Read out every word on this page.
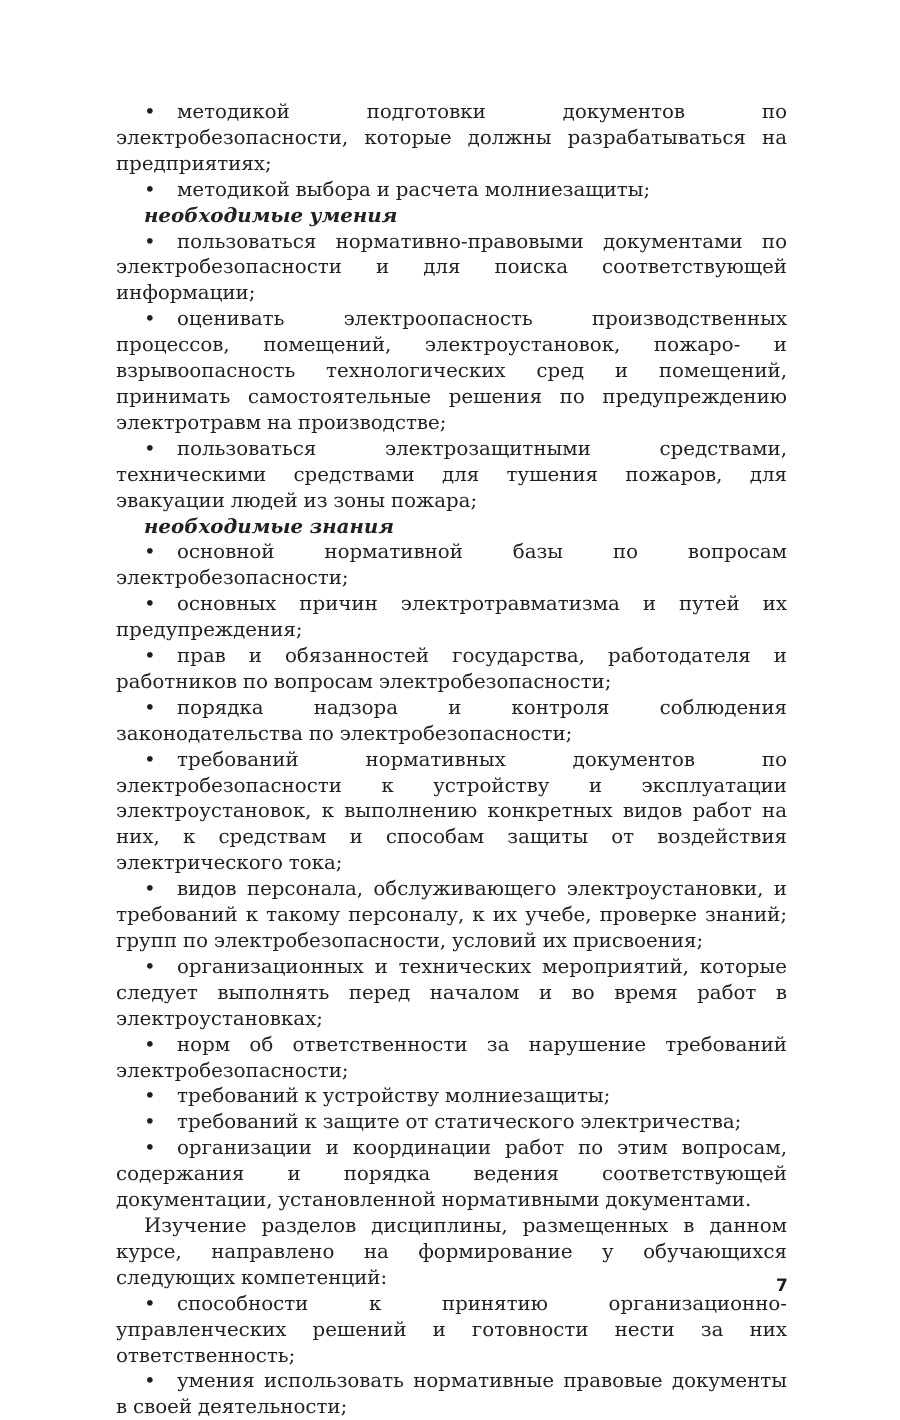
• методикой подготовки документов по электробезопасности, которые должны разрабатываться на предприятиях;

• методикой выбора и расчета молниезащиты;

необходимые умения

• пользоваться нормативно-правовыми документами по электробезопасности и для поиска соответствующей информации;

• оценивать электроопасность производственных процессов, помещений, электроустановок, пожаро- и взрывоопасность технологических сред и помещений, принимать самостоятельные решения по предупреждению электротравм на производстве;

• пользоваться электрозащитными средствами, техническими средствами для тушения пожаров, для эвакуации людей из зоны пожара;

необходимые знания

• основной нормативной базы по вопросам электробезопасности;

• основных причин электротравматизма и путей их предупреждения;

• прав и обязанностей государства, работодателя и работников по вопросам электробезопасности;

• порядка надзора и контроля соблюдения законодательства по электробезопасности;

• требований нормативных документов по электробезопасности к устройству и эксплуатации электроустановок, к выполнению конкретных видов работ на них, к средствам и способам защиты от воздействия электрического тока;

• видов персонала, обслуживающего электроустановки, и требований к такому персоналу, к их учебе, проверке знаний; групп по электробезопасности, условий их присвоения;

• организационных и технических мероприятий, которые следует выполнять перед началом и во время работ в электроустановках;

• норм об ответственности за нарушение требований электробезопасности;

• требований к устройству молниезащиты;

• требований к защите от статического электричества;

• организации и координации работ по этим вопросам, содержания и порядка ведения соответствующей документации, установленной нормативными документами.

Изучение разделов дисциплины, размещенных в данном курсе, направлено на формирование у обучающихся следующих компетенций:

• способности к принятию организационно-управленческих решений и готовности нести за них ответственность;

• умения использовать нормативные правовые документы в своей деятельности;

7
